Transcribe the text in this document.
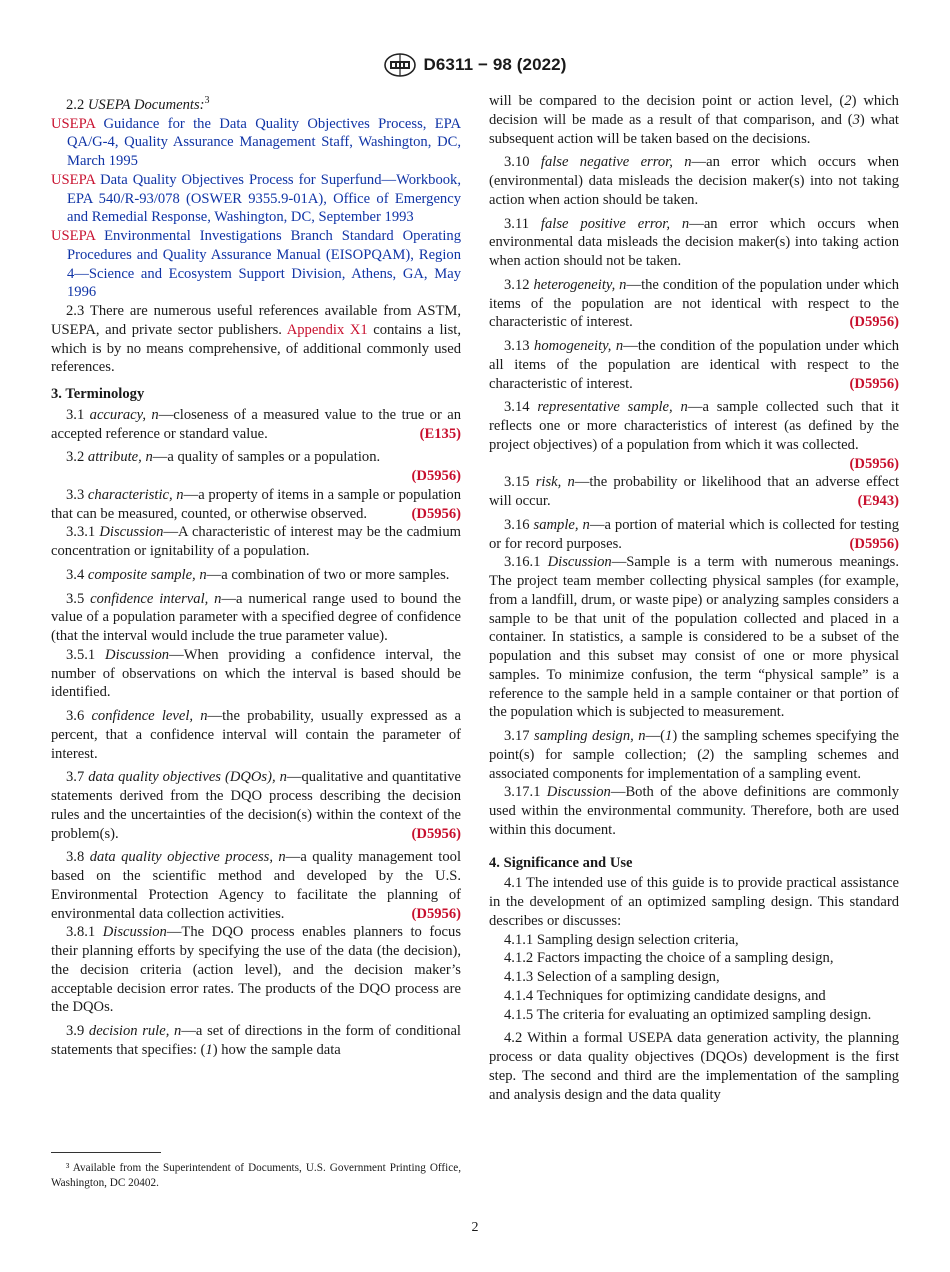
D6311 − 98 (2022)

2.2 USEPA Documents:$^3$

USEPA Guidance for the Data Quality Objectives Process, EPA QA/G-4, Quality Assurance Management Staff, Washington, DC, March 1995

USEPA Data Quality Objectives Process for Superfund—Workbook, EPA 540/R-93/078 (OSWER 9355.9-01A), Office of Emergency and Remedial Response, Washington, DC, September 1993

USEPA Environmental Investigations Branch Standard Operating Procedures and Quality Assurance Manual (EISOPQAM), Region 4—Science and Ecosystem Support Division, Athens, GA, May 1996

2.3 There are numerous useful references available from ASTM, USEPA, and private sector publishers. Appendix X1 contains a list, which is by no means comprehensive, of additional commonly used references.

3. Terminology

3.1 accuracy, n—closeness of a measured value to the true or an accepted reference or standard value.	(E135)

3.2 attribute, n—a quality of samples or a population.

(D5956)

3.3 characteristic, n—a property of items in a sample or population that can be measured, counted, or otherwise observed.	(D5956)

3.3.1 Discussion—A characteristic of interest may be the cadmium concentration or ignitability of a population.

3.4 composite sample, n—a combination of two or more samples.

3.5 confidence interval, n—a numerical range used to bound the value of a population parameter with a specified degree of confidence (that the interval would include the true parameter value).

3.5.1 Discussion—When providing a confidence interval, the number of observations on which the interval is based should be identified.

3.6 confidence level, n—the probability, usually expressed as a percent, that a confidence interval will contain the parameter of interest.

3.7 data quality objectives (DQOs), n—qualitative and quantitative statements derived from the DQO process describing the decision rules and the uncertainties of the decision(s) within the context of the problem(s).	(D5956)

3.8 data quality objective process, n—a quality management tool based on the scientific method and developed by the U.S. Environmental Protection Agency to facilitate the planning of environmental data collection activities.	(D5956)

3.8.1 Discussion—The DQO process enables planners to focus their planning efforts by specifying the use of the data (the decision), the decision criteria (action level), and the decision maker’s acceptable decision error rates. The products of the DQO process are the DQOs.

3.9 decision rule, n—a set of directions in the form of conditional statements that specifies: (1) how the sample data

³ Available from the Superintendent of Documents, U.S. Government Printing Office, Washington, DC 20402.

will be compared to the decision point or action level, (2) which decision will be made as a result of that comparison, and (3) what subsequent action will be taken based on the decisions.

3.10 false negative error, n—an error which occurs when (environmental) data misleads the decision maker(s) into not taking action when action should be taken.

3.11 false positive error, n—an error which occurs when environmental data misleads the decision maker(s) into taking action when action should not be taken.

3.12 heterogeneity, n—the condition of the population under which items of the population are not identical with respect to the characteristic of interest.	(D5956)

3.13 homogeneity, n—the condition of the population under which all items of the population are identical with respect to the characteristic of interest.	(D5956)

3.14 representative sample, n—a sample collected such that it reflects one or more characteristics of interest (as defined by the project objectives) of a population from which it was collected.
(D5956)

3.15 risk, n—the probability or likelihood that an adverse effect will occur.	(E943)

3.16 sample, n—a portion of material which is collected for testing or for record purposes.	(D5956)

3.16.1 Discussion—Sample is a term with numerous meanings. The project team member collecting physical samples (for example, from a landfill, drum, or waste pipe) or analyzing samples considers a sample to be that unit of the population collected and placed in a container. In statistics, a sample is considered to be a subset of the population and this subset may consist of one or more physical samples. To minimize confusion, the term “physical sample” is a reference to the sample held in a sample container or that portion of the population which is subjected to measurement.

3.17 sampling design, n—(1) the sampling schemes specifying the point(s) for sample collection; (2) the sampling schemes and associated components for implementation of a sampling event.

3.17.1 Discussion—Both of the above definitions are commonly used within the environmental community. Therefore, both are used within this document.

4. Significance and Use

4.1 The intended use of this guide is to provide practical assistance in the development of an optimized sampling design. This standard describes or discusses:

4.1.1 Sampling design selection criteria,

4.1.2 Factors impacting the choice of a sampling design,

4.1.3 Selection of a sampling design,

4.1.4 Techniques for optimizing candidate designs, and

4.1.5 The criteria for evaluating an optimized sampling design.

4.2 Within a formal USEPA data generation activity, the planning process or data quality objectives (DQOs) development is the first step. The second and third are the implementation of the sampling and analysis design and the data quality

2
